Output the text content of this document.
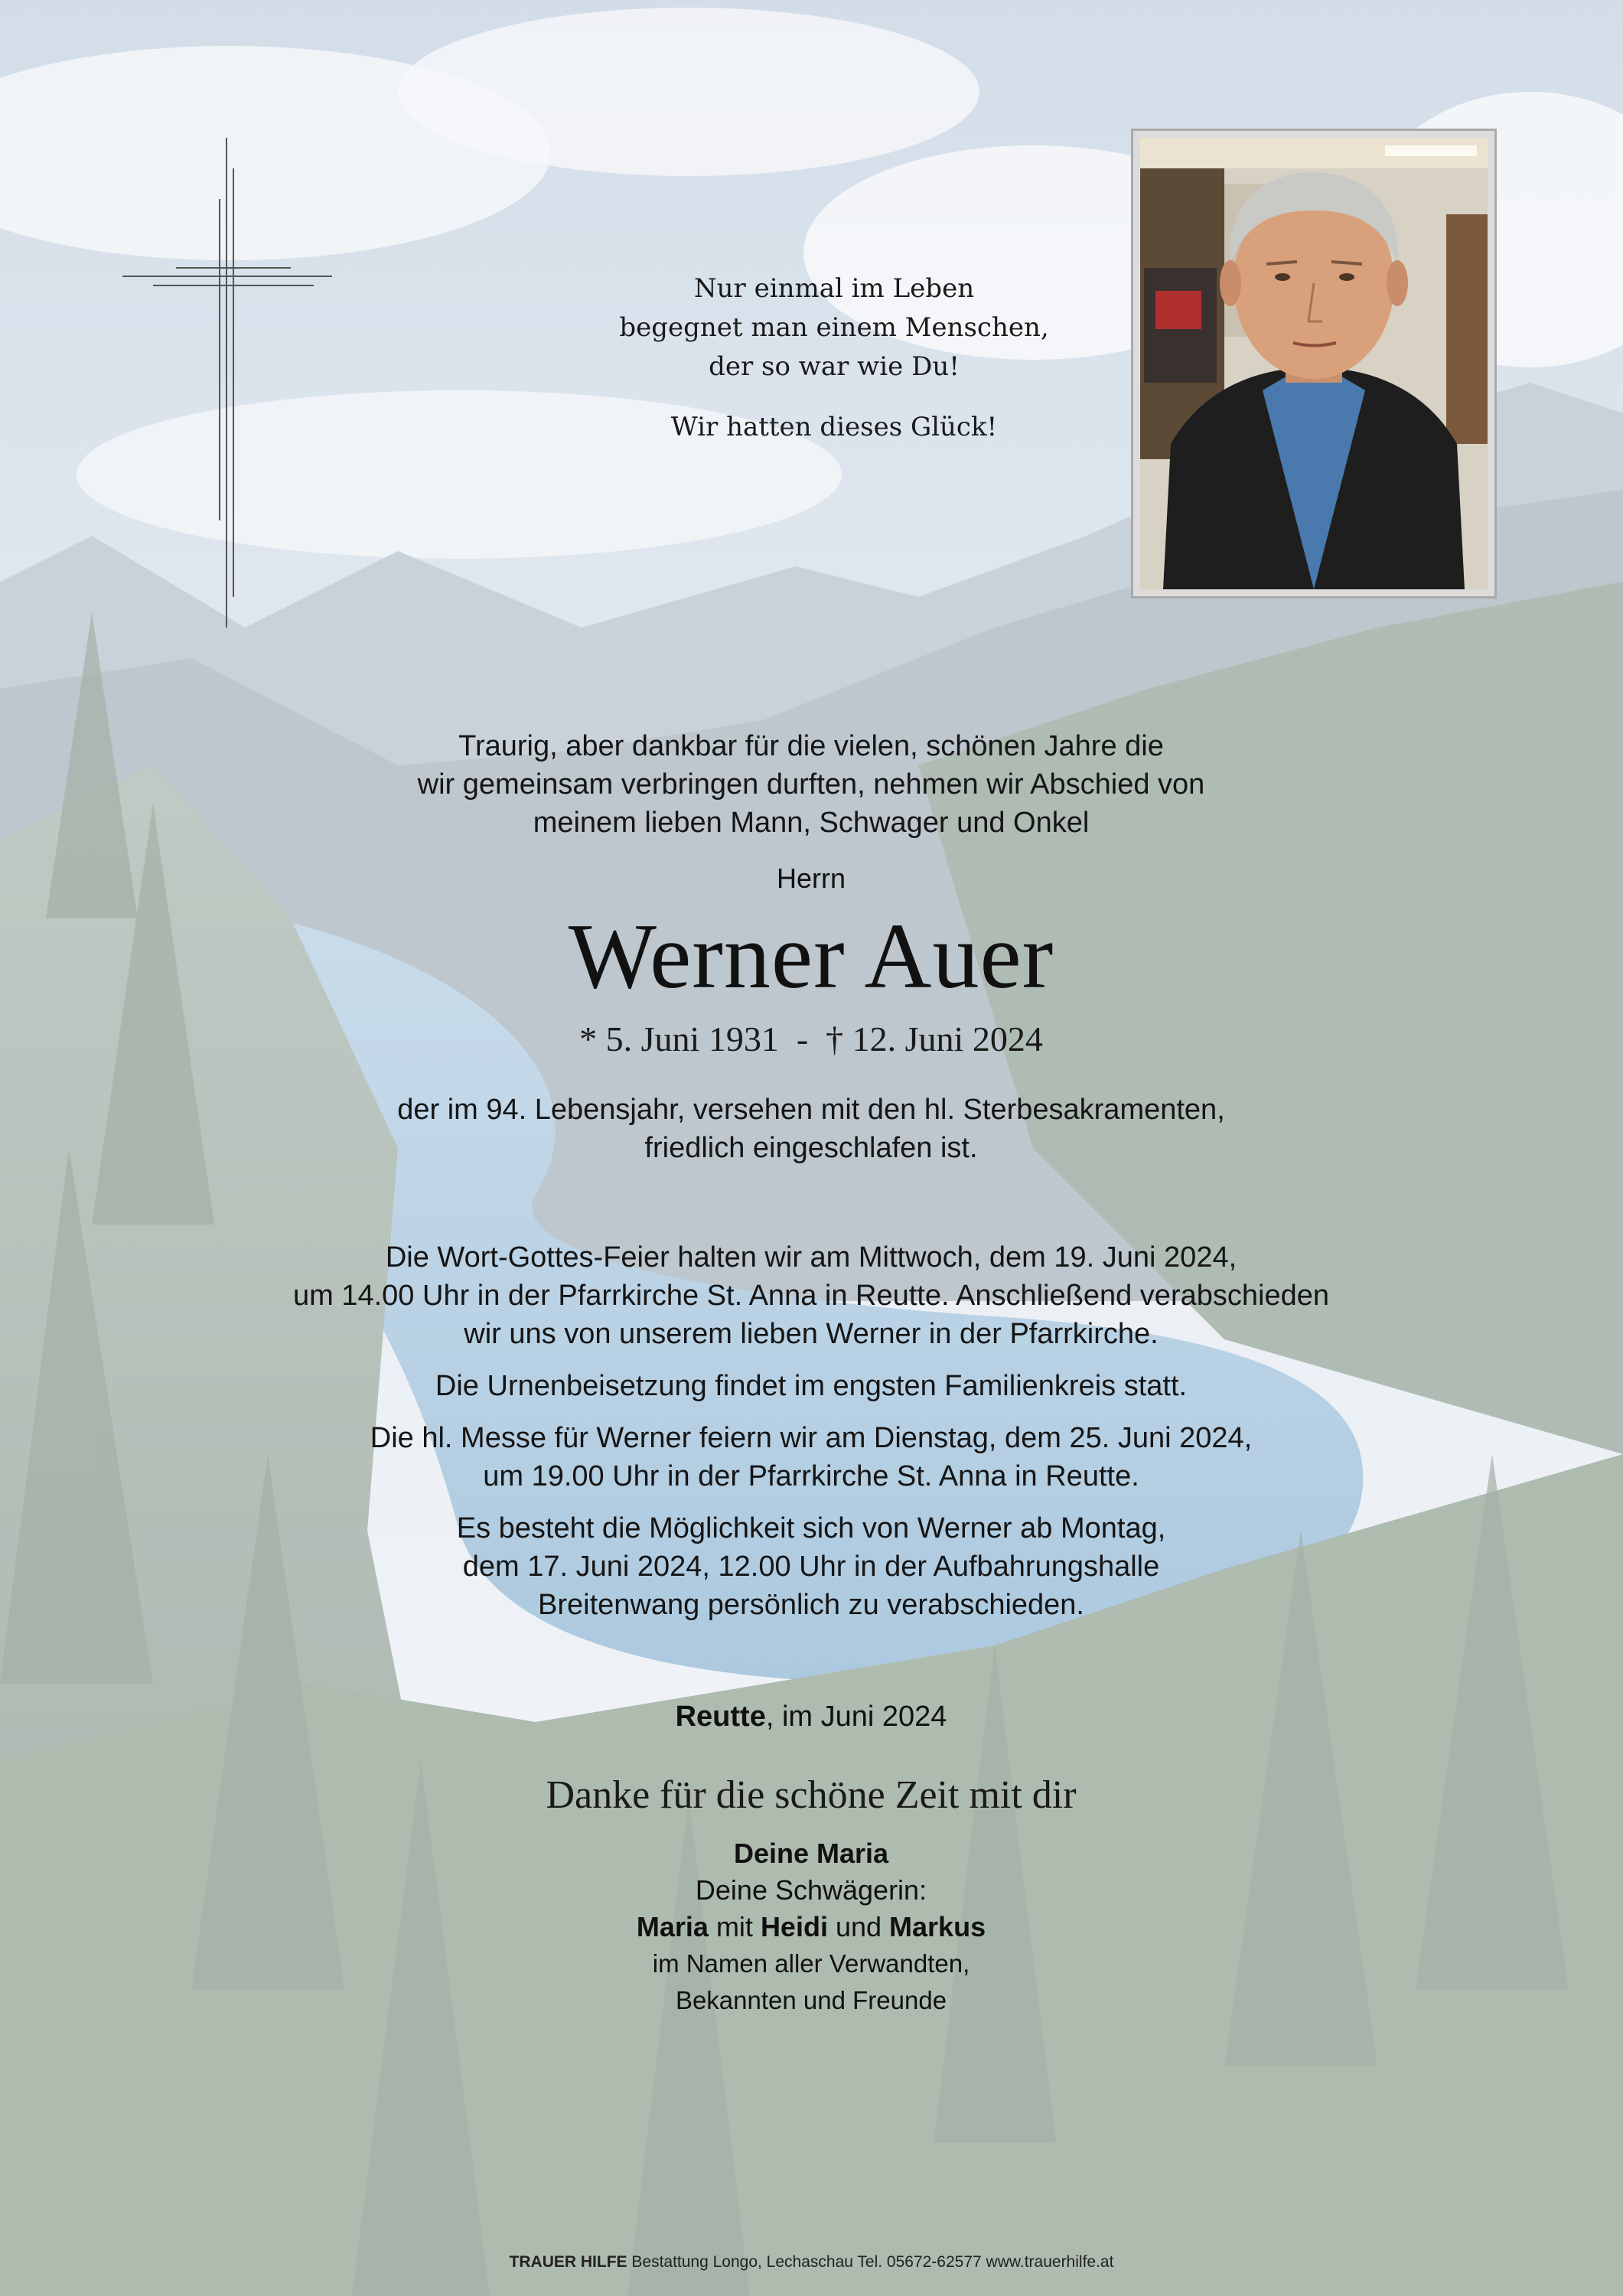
Nur einmal im Leben

begegnet man einem Menschen,

der so war wie Du!

Wir hatten dieses Glück!

Traurig, aber dankbar für die vielen, schönen Jahre die
wir gemeinsam verbringen durften, nehmen wir Abschied von
meinem lieben Mann, Schwager und Onkel
Herrn
Werner Auer
* 5. Juni 1931 - † 12. Juni 2024
der im 94. Lebensjahr, versehen mit den hl. Sterbesakramenten,
friedlich eingeschlafen ist.

Die Wort-Gottes-Feier halten wir am Mittwoch, dem 19. Juni 2024,
um 14.00 Uhr in der Pfarrkirche St. Anna in Reutte. Anschließend verabschieden
wir uns von unserem lieben Werner in der Pfarrkirche.

Die Urnenbeisetzung findet im engsten Familienkreis statt.

Die hl. Messe für Werner feiern wir am Dienstag, dem 25. Juni 2024,
um 19.00 Uhr in der Pfarrkirche St. Anna in Reutte.

Es besteht die Möglichkeit sich von Werner ab Montag,
dem 17. Juni 2024, 12.00 Uhr in der Aufbahrungshalle
Breitenwang persönlich zu verabschieden.

Reutte, im Juni 2024
Danke für die schöne Zeit mit dir
Deine Maria
Deine Schwägerin:
Maria mit Heidi und Markus
im Namen aller Verwandten,
Bekannten und Freunde
TRAUER HILFE Bestattung Longo, Lechaschau Tel. 05672-62577 www.trauerhilfe.at
